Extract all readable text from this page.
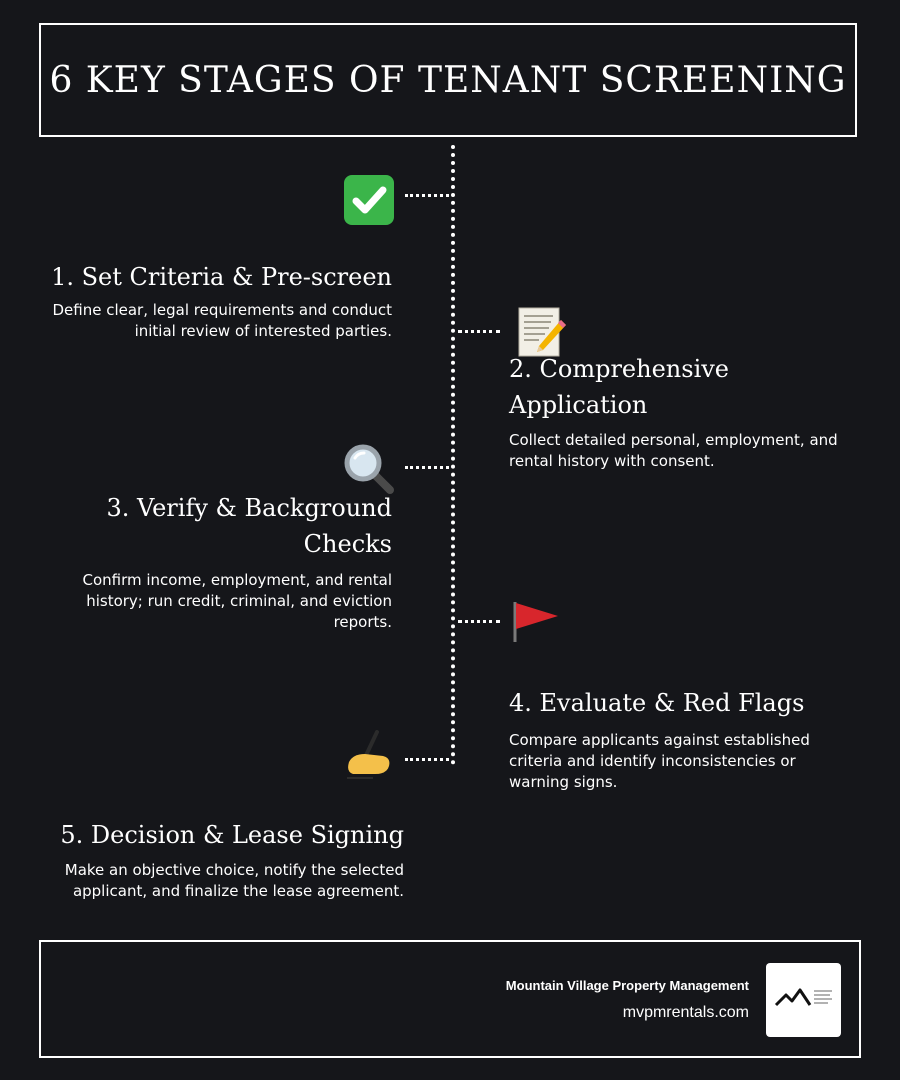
6 KEY STAGES OF TENANT SCREENING
1. Set Criteria & Pre-screen

Define clear, legal requirements and conduct initial review of interested parties.

2. Comprehensive Application

Collect detailed personal, employment, and rental history with consent.

3. Verify & Background Checks

Confirm income, employment, and rental history; run credit, criminal, and eviction reports.

4. Evaluate & Red Flags

Compare applicants against established criteria and identify inconsistencies or warning signs.

5. Decision & Lease Signing

Make an objective choice, notify the selected applicant, and finalize the lease agreement.

Mountain Village Property Management
mvpmrentals.com
